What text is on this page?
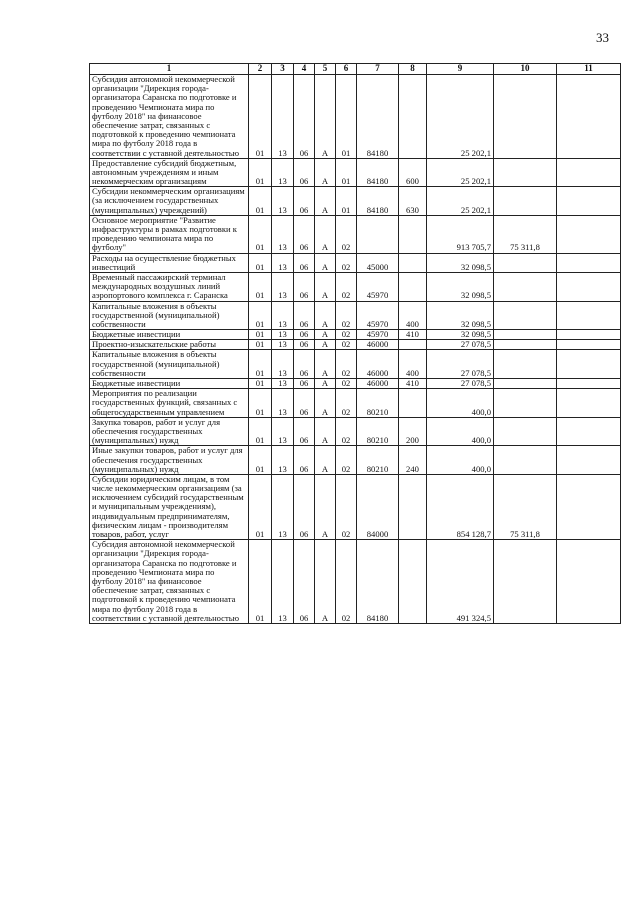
33
1	2	3	4	5	6	7	8	9	10	11
Субсидия автономной некоммерческой организации "Дирекция города-организатора Саранска по подготовке и проведению Чемпионата мира по футболу 2018" на финансовое обеспечение затрат, связанных с подготовкой к проведению чемпионата мира по футболу 2018 года в соответствии с уставной деятельностью	01	13	06	А	01	84180		25 202,1		
Предоставление субсидий бюджетным, автономным учреждениям и иным некоммерческим организациям	01	13	06	А	01	84180	600	25 202,1		
Субсидии некоммерческим организациям (за исключением государственных (муниципальных) учреждений)	01	13	06	А	01	84180	630	25 202,1		
Основное мероприятие "Развитие инфраструктуры в рамках подготовки к проведению чемпионата мира по футболу"	01	13	06	А	02			913 705,7	75 311,8	
Расходы на осуществление бюджетных инвестиций	01	13	06	А	02	45000		32 098,5		
Временный пассажирский терминал международных воздушных линий аэропортового комплекса г. Саранска	01	13	06	А	02	45970		32 098,5		
Капитальные вложения в объекты государственной (муниципальной) собственности	01	13	06	А	02	45970	400	32 098,5		
Бюджетные инвестиции	01	13	06	А	02	45970	410	32 098,5		
Проектно-изыскательские работы	01	13	06	А	02	46000		27 078,5		
Капитальные вложения в объекты государственной (муниципальной) собственности	01	13	06	А	02	46000	400	27 078,5		
Бюджетные инвестиции	01	13	06	А	02	46000	410	27 078,5		
Мероприятия по реализации государственных функций, связанных с общегосударственным управлением	01	13	06	А	02	80210		400,0		
Закупка товаров, работ и услуг для обеспечения государственных (муниципальных) нужд	01	13	06	А	02	80210	200	400,0		
Иные закупки товаров, работ и услуг для обеспечения государственных (муниципальных) нужд	01	13	06	А	02	80210	240	400,0		
Субсидии юридическим лицам, в том числе некоммерческим организациям (за исключением субсидий государственным и муниципальным учреждениям), индивидуальным предпринимателям, физическим лицам - производителям товаров, работ, услуг	01	13	06	А	02	84000		854 128,7	75 311,8	
Субсидия автономной некоммерческой организации "Дирекция города-организатора Саранска по подготовке и проведению Чемпионата мира по футболу 2018" на финансовое обеспечение затрат, связанных с подготовкой к проведению чемпионата мира по футболу 2018 года в соответствии с уставной деятельностью	01	13	06	А	02	84180		491 324,5		
